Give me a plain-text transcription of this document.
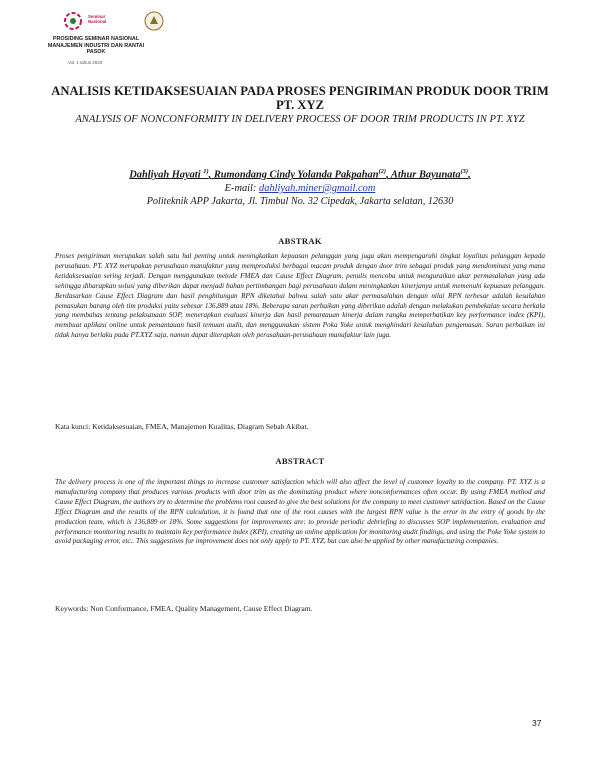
Seminar
Nasional
PROSIDING SEMINAR NASIONAL MANAJEMEN INDUSTRI DAN RANTAI PASOK
Vol. 1 tahun 2020
ANALISIS KETIDAKSESUAIAN PADA PROSES PENGIRIMAN PRODUK DOOR TRIM PT. XYZ
ANALYSIS OF NONCONFORMITY IN DELIVERY PROCESS OF DOOR TRIM PRODUCTS IN PT. XYZ
Dahliyah Hayati $^{1)}$, Rumondang Cindy Yolanda Pakpahan$^{(2)}$, Athur Bayunata$^{(3)}$,
E-mail: dahliyah.miner@gmail.com
Politeknik APP Jakarta, Jl. Timbul No. 32 Cipedak, Jakarta selatan, 12630
ABSTRAK

Proses pengiriman merupakan salah satu hal penting untuk meningkatkan kepuasan pelanggan yang juga akan mempengaruhi tingkat loyalitas pelanggan kepada perusahaan. PT. XYZ merupakan perusahaan manufaktur yang memproduksi berbagai macam produk dengan door trim sebagai produk yang mendominasi yang mana ketidaksesuaian sering terjadi. Dengan menggunakan metode FMEA dan Cause Effect Diagram, penulis mencoba untuk menguraikan akar permasalahan yang ada sehingga diharapkan solusi yang diberikan dapat menjadi bahan pertimbangan bagi perusahaan dalam meningkatkan kinerjanya untuk memenuhi kepuasan pelanggan. Berdasarkan Cause Effect Diagram dan hasil penghitungan RPN diketahui bahwa salah satu akar permasalahan dengan nilai RPN terbesar adalah kesalahan pemasukan barang oleh tim produksi yaitu sebesar 136,889 atau 18%. Beberapa saran perbaikan yang diberikan adalah dengan melakukan pembekalan secara berkala yang membahas tentang pelaksanaan SOP, menerapkan evaluasi kinerja dan hasil pemantauan kinerja dalam rangka memperhatikan key performance index (KPI), membuat aplikasi online untuk pemantauan hasil temuan audit, dan menggunakan sistem Poka Yoke untuk menghindari kesalahan pengemasan. Saran perbaikan ini tidak hanya berlaku pada PT.XYZ saja, namun dapat diterapkan oleh perusahaan-perusahaan manufaktur lain juga.

Kata kunci: Ketidaksesuaian, FMEA, Manajemen Kualitas, Diagram Sebab Akibat.
ABSTRACT

The delivery process is one of the important things to increase customer satisfaction which will also affect the level of customer loyalty to the company. PT. XYZ is a manufacturing company that produces various products with door trim as the dominating product where nonconformances often occur. By using FMEA method and Cause Effect Diagram, the authors try to determine the problems root caused to give the best solutions for the company to meet customer satisfaction. Based on the Cause Effect Diagram and the results of the RPN calculation, it is found that one of the root causes with the largest RPN value is the error in the entry of goods by the production team, which is 136,889 or 18%. Some suggestions for improvements are: to provide periodic debriefing to discusses SOP implementation, evaluation and performance monitoring results to maintain key performance index (KPI), creating an online application for monitoring audit findings, and using the Poke Yoke system to avoid packaging error, etc.. This suggestions for improvement does not only apply to PT. XYZ, but can also be applied by other manufacturing companies.

Keywords: Non Conformance, FMEA, Quality Management, Cause Effect Diagram.
37
